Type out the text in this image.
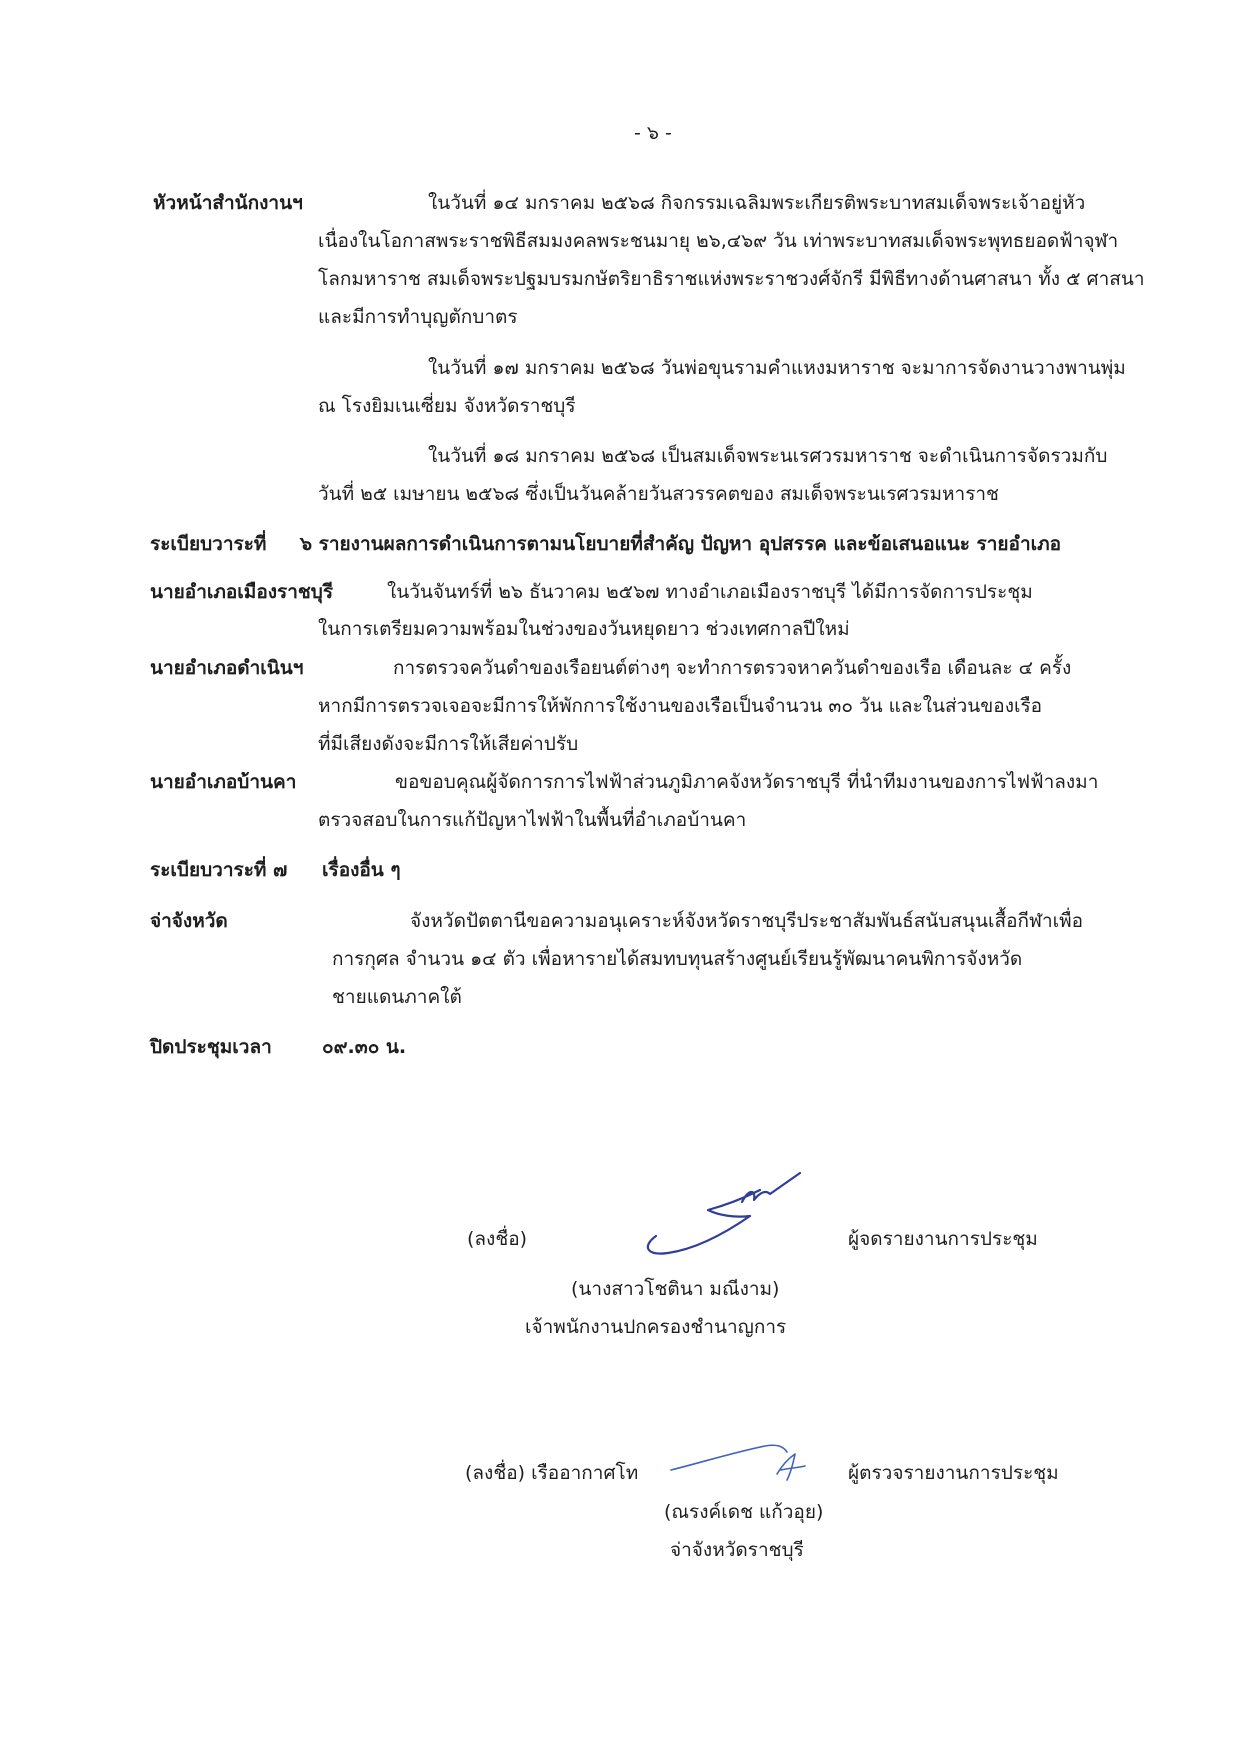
- ๖ -
หัวหน้าสำนักงานฯ	ในวันที่ ๑๔ มกราคม ๒๕๖๘ กิจกรรมเฉลิมพระเกียรติพระบาทสมเด็จพระเจ้าอยู่หัว
เนื่องในโอกาสพระราชพิธีสมมงคลพระชนมายุ ๒๖,๔๖๙ วัน เท่าพระบาทสมเด็จพระพุทธยอดฟ้าจุฬา
โลกมหาราช สมเด็จพระปฐมบรมกษัตริยาธิราชแห่งพระราชวงศ์จักรี มีพิธีทางด้านศาสนา ทั้ง ๕ ศาสนา
และมีการทำบุญตักบาตร
ในวันที่ ๑๗ มกราคม ๒๕๖๘ วันพ่อขุนรามคำแหงมหาราช จะมาการจัดงานวางพานพุ่ม
ณ โรงยิมเนเซี่ยม จังหวัดราชบุรี
ในวันที่ ๑๘ มกราคม ๒๕๖๘ เป็นสมเด็จพระนเรศวรมหาราช จะดำเนินการจัดรวมกับ
วันที่ ๒๕ เมษายน ๒๕๖๘ ซึ่งเป็นวันคล้ายวันสวรรคตของ สมเด็จพระนเรศวรมหาราช
ระเบียบวาระที่ ๖ รายงานผลการดำเนินการตามนโยบายที่สำคัญ ปัญหา อุปสรรค และข้อเสนอแนะ รายอำเภอ
นายอำเภอเมืองราชบุรี	ในวันจันทร์ที่ ๒๖ ธันวาคม ๒๕๖๗ ทางอำเภอเมืองราชบุรี ได้มีการจัดการประชุม
ในการเตรียมความพร้อมในช่วงของวันหยุดยาว ช่วงเทศกาลปีใหม่
นายอำเภอดำเนินฯ	การตรวจควันดำของเรือยนต์ต่างๆ จะทำการตรวจหาควันดำของเรือ เดือนละ ๔ ครั้ง
หากมีการตรวจเจอจะมีการให้พักการใช้งานของเรือเป็นจำนวน ๓๐ วัน และในส่วนของเรือ
ที่มีเสียงดังจะมีการให้เสียค่าปรับ
นายอำเภอบ้านคา	ขอขอบคุณผู้จัดการการไฟฟ้าส่วนภูมิภาคจังหวัดราชบุรี ที่นำทีมงานของการไฟฟ้าลงมา
ตรวจสอบในการแก้ปัญหาไฟฟ้าในพื้นที่อำเภอบ้านคา
ระเบียบวาระที่ ๗ เรื่องอื่น ๆ
จ่าจังหวัด	จังหวัดปัตตานีขอความอนุเคราะห์จังหวัดราชบุรีประชาสัมพันธ์สนับสนุนเสื้อกีฬาเพื่อ
การกุศล จำนวน ๑๔ ตัว เพื่อหารายได้สมทบทุนสร้างศูนย์เรียนรู้พัฒนาคนพิการจังหวัด
ชายแดนภาคใต้
ปิดประชุมเวลา	๐๙.๓๐ น.
(ลงชื่อ)	ผู้จดรายงานการประชุม
(นางสาวโชตินา มณีงาม)
เจ้าพนักงานปกครองชำนาญการ
(ลงชื่อ) เรืออากาศโท	ผู้ตรวจรายงานการประชุม
(ณรงค์เดช แก้วอุย)
จ่าจังหวัดราชบุรี
